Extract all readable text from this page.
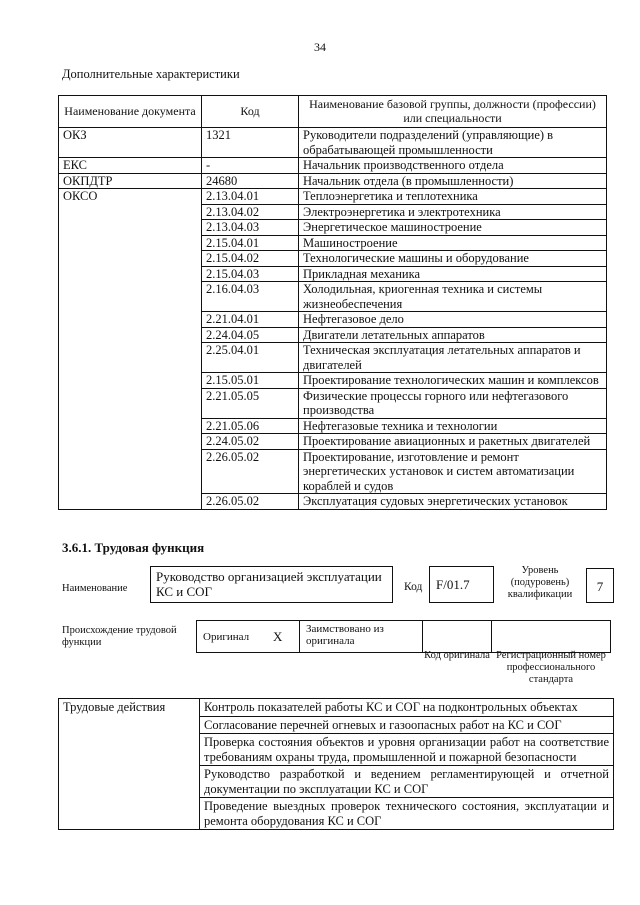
34
Дополнительные характеристики
Наименование документа	Код	Наименование базовой группы, должности (профессии) или специальности
ОКЗ	1321	Руководители подразделений (управляющие) в обрабатывающей промышленности
ЕКС	-	Начальник производственного отдела
ОКПДТР	24680	Начальник отдела (в промышленности)
ОКСО	2.13.04.01	Теплоэнергетика и теплотехника
	2.13.04.02	Электроэнергетика и электротехника
	2.13.04.03	Энергетическое машиностроение
	2.15.04.01	Машиностроение
	2.15.04.02	Технологические машины и оборудование
	2.15.04.03	Прикладная механика
	2.16.04.03	Холодильная, криогенная техника и системы жизнеобеспечения
	2.21.04.01	Нефтегазовое дело
	2.24.04.05	Двигатели летательных аппаратов
	2.25.04.01	Техническая эксплуатация летательных аппаратов и двигателей
	2.15.05.01	Проектирование технологических машин и комплексов
	2.21.05.05	Физические процессы горного или нефтегазового производства
	2.21.05.06	Нефтегазовые техника и технологии
	2.24.05.02	Проектирование авиационных и ракетных двигателей
	2.26.05.02	Проектирование, изготовление и ремонт энергетических установок и систем автоматизации кораблей и судов
	2.26.05.02	Эксплуатация судовых энергетических установок
3.6.1. Трудовая функция
Наименование
Руководство организацией эксплуатации КС и СОГ	Код	F/01.7
Уровень (подуровень) квалификации
7
Происхождение трудовой функции	Оригинал	X	Заимствовано из оригинала		
Код оригинала Регистрационный номер профессионального стандарта
Трудовые действия	Контроль показателей работы КС и СОГ на подконтрольных объектах
Согласование перечней огневых и газоопасных работ на КС и СОГ
Проверка состояния объектов и уровня организации работ на соответствие требованиям охраны труда, промышленной и пожарной безопасности
Руководство разработкой и ведением регламентирующей и отчетной документации по эксплуатации КС и СОГ
Проведение выездных проверок технического состояния, эксплуатации и ремонта оборудования КС и СОГ
